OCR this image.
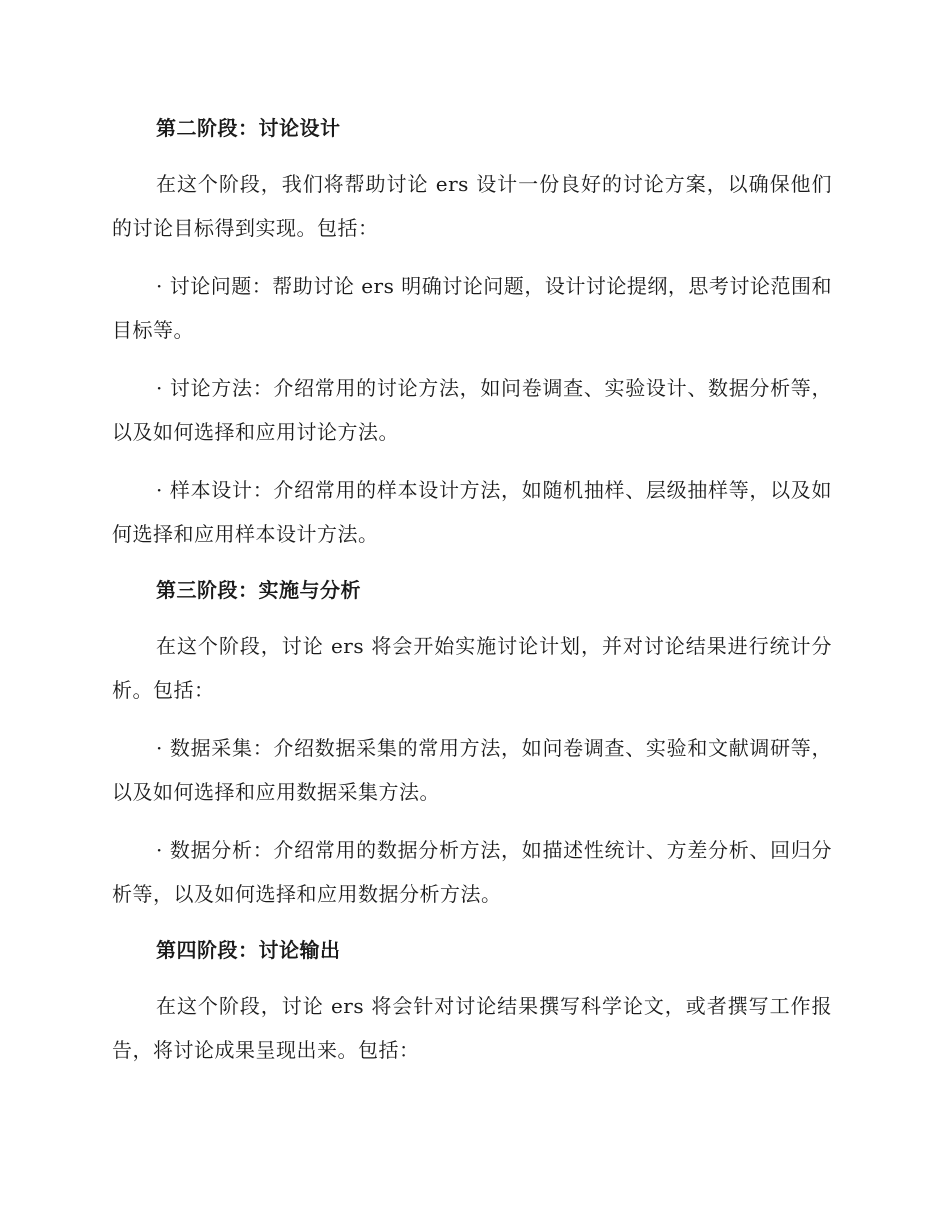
第二阶段：讨论设计

在这个阶段，我们将帮助讨论 ers 设计一份良好的讨论方案，以确保他们的讨论目标得到实现。包括：

· 讨论问题：帮助讨论 ers 明确讨论问题，设计讨论提纲，思考讨论范围和目标等。

· 讨论方法：介绍常用的讨论方法，如问卷调查、实验设计、数据分析等，以及如何选择和应用讨论方法。

· 样本设计：介绍常用的样本设计方法，如随机抽样、层级抽样等，以及如何选择和应用样本设计方法。

第三阶段：实施与分析

在这个阶段，讨论 ers 将会开始实施讨论计划，并对讨论结果进行统计分析。包括：

· 数据采集：介绍数据采集的常用方法，如问卷调查、实验和文献调研等，以及如何选择和应用数据采集方法。

· 数据分析：介绍常用的数据分析方法，如描述性统计、方差分析、回归分析等，以及如何选择和应用数据分析方法。

第四阶段：讨论输出

在这个阶段，讨论 ers 将会针对讨论结果撰写科学论文，或者撰写工作报告，将讨论成果呈现出来。包括：
